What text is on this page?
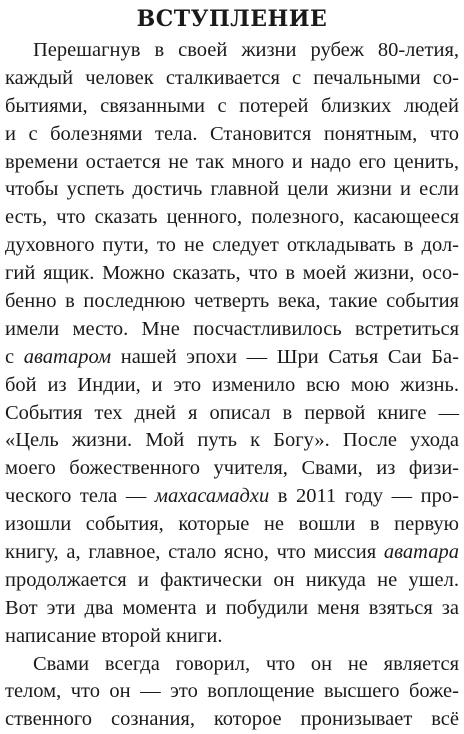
ВСТУПЛЕНИЕ
Перешагнув в своей жизни рубеж 80-летия,
каждый человек сталкивается с печальными со-
бытиями, связанными с потерей близких людей
и с болезнями тела. Становится понятным, что
времени остается не так много и надо его ценить,
чтобы успеть достичь главной цели жизни и если
есть, что сказать ценного, полезного, касающееся
духовного пути, то не следует откладывать в дол-
гий ящик. Можно сказать, что в моей жизни, осо-
бенно в последнюю четверть века, такие события
имели место. Мне посчастливилось встретиться
с аватаром нашей эпохи — Шри Сатья Саи Ба-
бой из Индии, и это изменило всю мою жизнь.
События тех дней я описал в первой книге —
«Цель жизни. Мой путь к Богу». После ухода
моего божественного учителя, Свами, из физи-
ческого тела — махасамадхи в 2011 году — про-
изошли события, которые не вошли в первую
книгу, а, главное, стало ясно, что миссия аватара
продолжается и фактически он никуда не ушел.
Вот эти два момента и побудили меня взяться за
написание второй книги.
Свами всегда говорил, что он не является
телом, что он — это воплощение высшего боже-
ственного сознания, которое пронизывает всё
